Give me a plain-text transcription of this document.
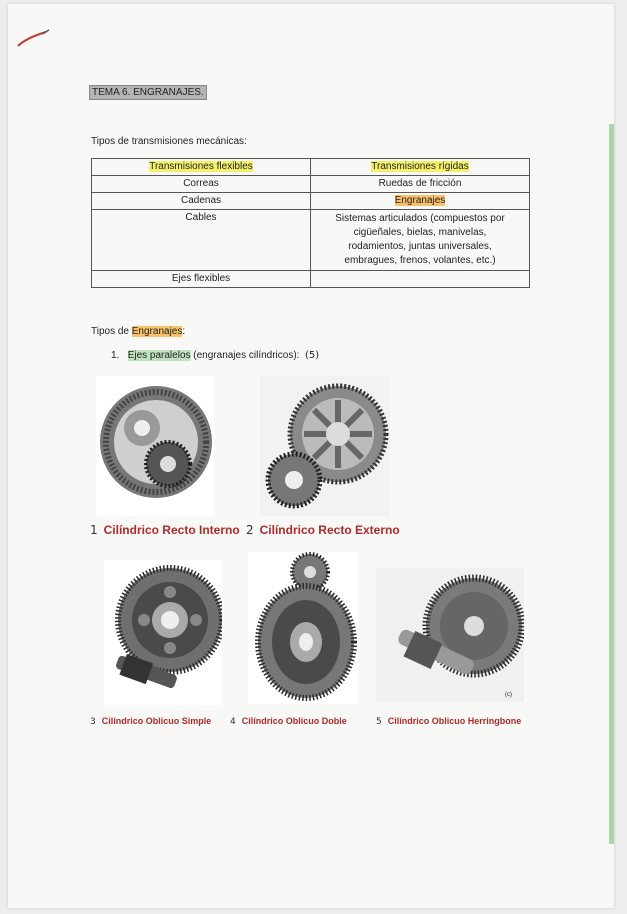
TEMA 6. ENGRANAJES.
Tipos de transmisiones mecánicas:
Transmisiones flexibles	Transmisiones rígidas
Correas	Ruedas de fricción
Cadenas	Engranajes
Cables	Sistemas articulados (compuestos por cigüeñales, bielas, manivelas, rodamientos, juntas universales, embragues, frenos, volantes, etc.)
Ejes flexibles	
Tipos de Engranajes:
1. Ejes paralelos (engranajes cilíndricos): (5)
1 Cilíndrico Recto Interno 2 Cilíndrico Recto Externo
(c)
3 Cilíndrico Oblicuo Simple 4 Cilíndrico Oblicuo Doble	5 Cilíndrico Oblicuo Herringbone
